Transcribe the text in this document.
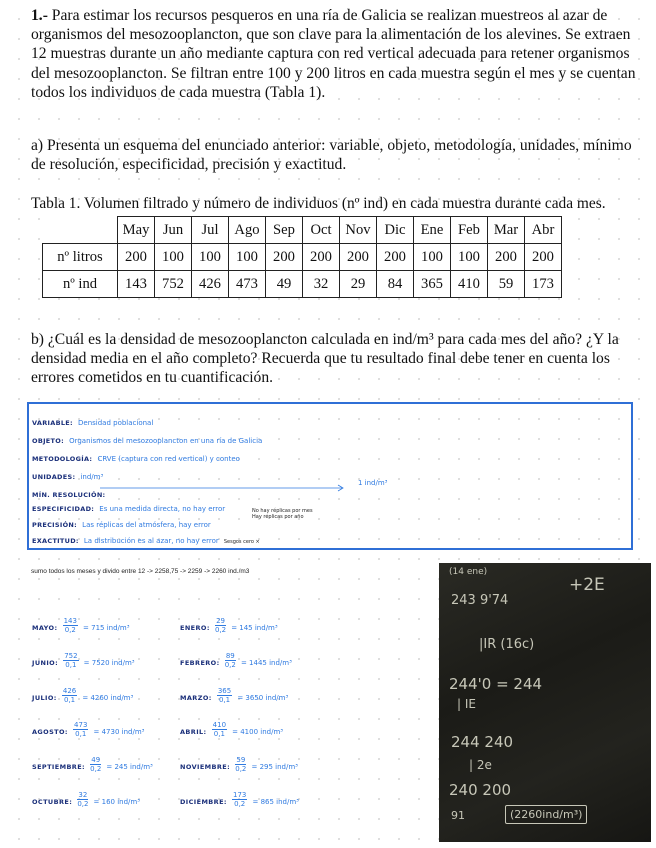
1.- Para estimar los recursos pesqueros en una ría de Galicia se realizan muestreos al azar de organismos del mesozooplancton, que son clave para la alimentación de los alevines. Se extraen 12 muestras durante un año mediante captura con red vertical adecuada para retener organismos del mesozooplancton. Se filtran entre 100 y 200 litros en cada muestra según el mes y se cuentan todos los individuos de cada muestra (Tabla 1).

a) Presenta un esquema del enunciado anterior: variable, objeto, metodología, unidades, mínimo de resolución, especificidad, precisión y exactitud.

Tabla 1. Volumen filtrado y número de individuos (nº ind) en cada muestra durante cada mes.

	May	Jun	Jul	Ago	Sep	Oct	Nov	Dic	Ene	Feb	Mar	Abr
nº litros	200	100	100	100	200	200	200	200	100	100	200	200
nº ind	143	752	426	473	49	32	29	84	365	410	59	173

b) ¿Cuál es la densidad de mesozooplancton calculada en ind/m³ para cada mes del año? ¿Y la densidad media en el año completo? Recuerda que tu resultado final debe tener en cuenta los errores cometidos en tu cuantificación.

VARIABLE: Densidad poblacional
OBJETO: Organismos del mesozooplancton en una ría de Galicia
METODOLOGÍA: CRVE (captura con red vertical) y conteo
UNIDADES: ind/m³
MÍN. RESOLUCIÓN:
1 ind/m³
ESPECIFICIDAD: Es una medida directa, no hay error
PRECISIÓN: Las réplicas del atmósfera, hay error
No hay réplicas por mes
Hay réplicas por año
EXACTITUD: La distribución es al azar, no hay error Sesgos cero ×
sumo todos los meses y divido entre 12 -> 2258,75 -> 2259 -> 2260 ind./m3
MAYO: $\frac{143}{0,2} = 715$ ind/m³
JUNIO: $\frac{752}{0,1} = 7520$ ind/m³
JULIO: $\frac{426}{0,1} = 4260$ ind/m³
AGOSTO: $\frac{473}{0,1} = 4730$ ind/m³
SEPTIEMBRE: $\frac{49}{0,2} = 245$ ind/m³
OCTUBRE: $\frac{32}{0,2} = 160$ ind/m³
ENERO: $\frac{29}{0,2} = 145$ ind/m³
FEBRERO: $\frac{89}{0,2} = 1445$ ind/m³
MARZO: $\frac{365}{0,1} = 3650$ ind/m³
ABRIL: $\frac{410}{0,1} = 4100$ ind/m³
NOVIEMBRE: $\frac{59}{0,2} = 295$ ind/m³
DICIEMBRE: $\frac{173}{0,2} = 865$ ind/m³
(14 ene)
+2E
243 9'74
|IR (16c)
244'0 = 244
| IE
244 240
| 2e
240 200
91	(2260ind/m³)
